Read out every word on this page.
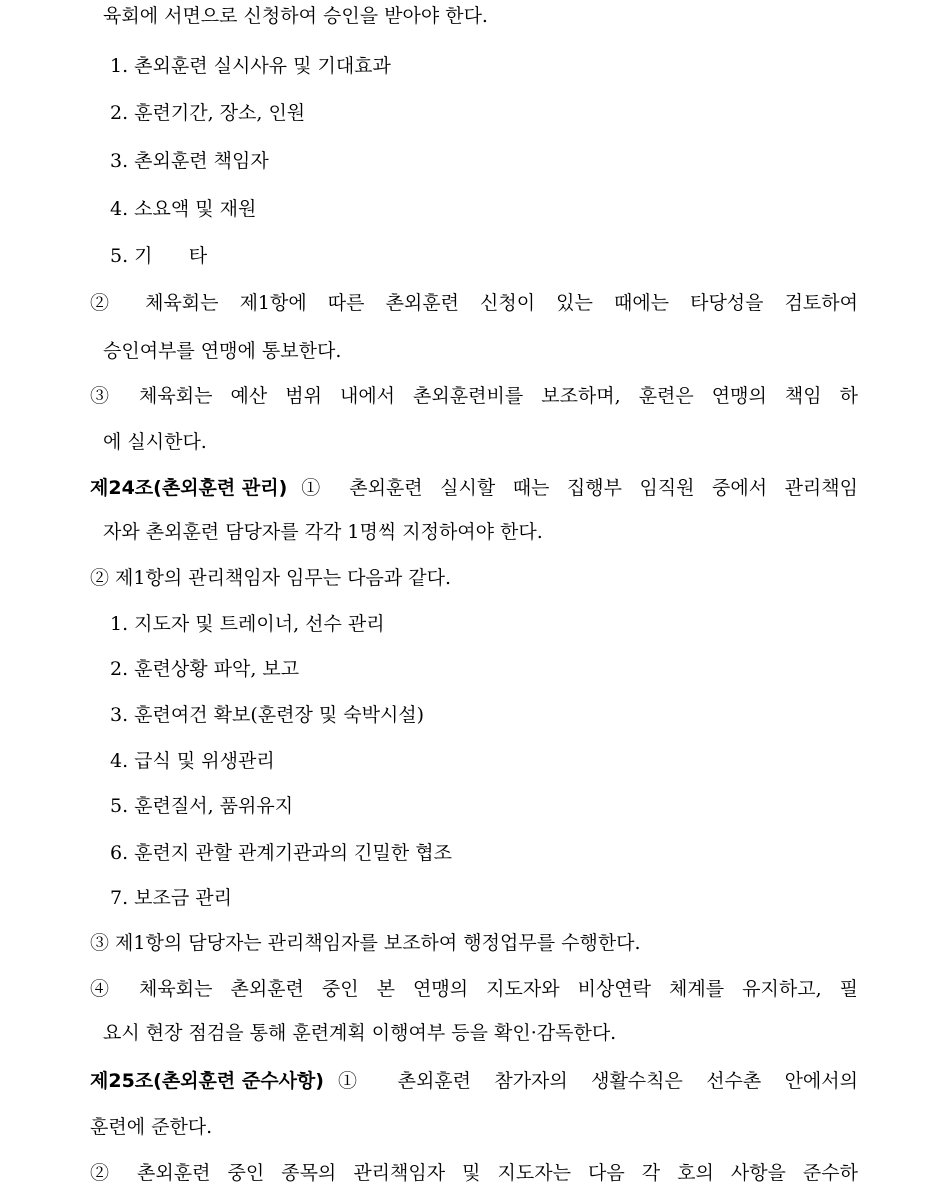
육회에 서면으로 신청하여 승인을 받아야 한다.
1. 촌외훈련 실시사유 및 기대효과
2. 훈련기간, 장소, 인원
3. 촌외훈련 책임자
4. 소요액 및 재원
5. 기      타
② 체육회는 제1항에 따른 촌외훈련 신청이 있는 때에는 타당성을 검토하여
승인여부를 연맹에 통보한다.
③ 체육회는 예산 범위 내에서 촌외훈련비를 보조하며, 훈련은 연맹의 책임 하
에 실시한다.
제24조(촌외훈련 관리) ① 촌외훈련 실시할 때는 집행부 임직원 중에서 관리책임
자와 촌외훈련 담당자를 각각 1명씩 지정하여야 한다.
② 제1항의 관리책임자 임무는 다음과 같다.
1. 지도자 및 트레이너, 선수 관리
2. 훈련상황 파악, 보고
3. 훈련여건 확보(훈련장 및 숙박시설)
4. 급식 및 위생관리
5. 훈련질서, 품위유지
6. 훈련지 관할 관계기관과의 긴밀한 협조
7. 보조금 관리
③ 제1항의 담당자는 관리책임자를 보조하여 행정업무를 수행한다.
④ 체육회는 촌외훈련 중인 본 연맹의 지도자와 비상연락 체계를 유지하고, 필
요시 현장 점검을 통해 훈련계획 이행여부 등을 확인·감독한다.
제25조(촌외훈련 준수사항) ① 촌외훈련 참가자의 생활수칙은 선수촌 안에서의
훈련에 준한다.
② 촌외훈련 중인 종목의 관리책임자 및 지도자는 다음 각 호의 사항을 준수하
